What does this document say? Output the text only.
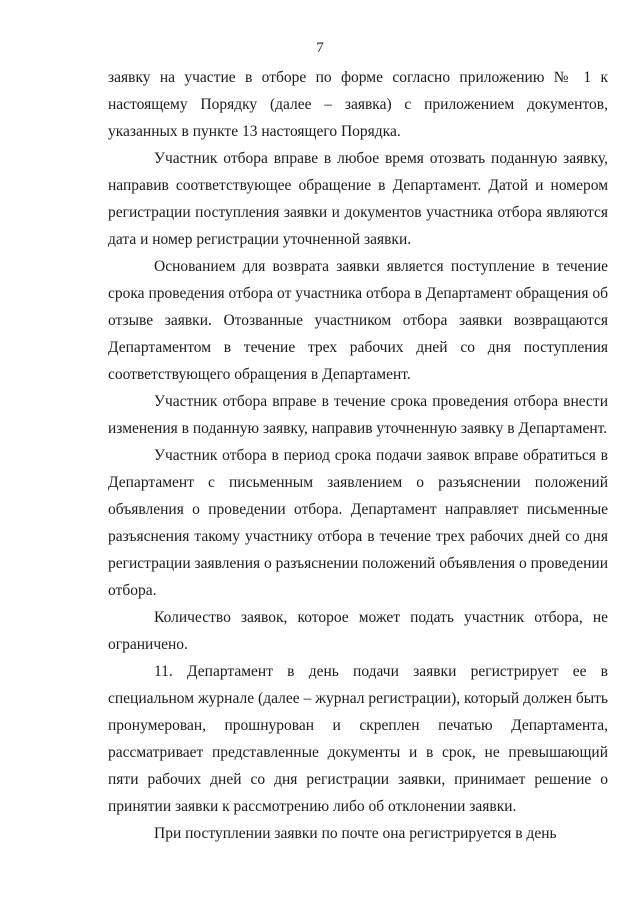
7

заявку на участие в отборе по форме согласно приложению № 1 к настоящему Порядку (далее – заявка) с приложением документов, указанных в пункте 13 настоящего Порядка.

Участник отбора вправе в любое время отозвать поданную заявку, направив соответствующее обращение в Департамент. Датой и номером регистрации поступления заявки и документов участника отбора являются дата и номер регистрации уточненной заявки.

Основанием для возврата заявки является поступление в течение срока проведения отбора от участника отбора в Департамент обращения об отзыве заявки. Отозванные участником отбора заявки возвращаются Департаментом в течение трех рабочих дней со дня поступления соответствующего обращения в Департамент.

Участник отбора вправе в течение срока проведения отбора внести изменения в поданную заявку, направив уточненную заявку в Департамент.

Участник отбора в период срока подачи заявок вправе обратиться в Департамент с письменным заявлением о разъяснении положений объявления о проведении отбора. Департамент направляет письменные разъяснения такому участнику отбора в течение трех рабочих дней со дня регистрации заявления о разъяснении положений объявления о проведении отбора.

Количество заявок, которое может подать участник отбора, не ограничено.

11. Департамент в день подачи заявки регистрирует ее в специальном журнале (далее – журнал регистрации), который должен быть пронумерован, прошнурован и скреплен печатью Департамента, рассматривает представленные документы и в срок, не превышающий пяти рабочих дней со дня регистрации заявки, принимает решение о принятии заявки к рассмотрению либо об отклонении заявки.

При поступлении заявки по почте она регистрируется в день
